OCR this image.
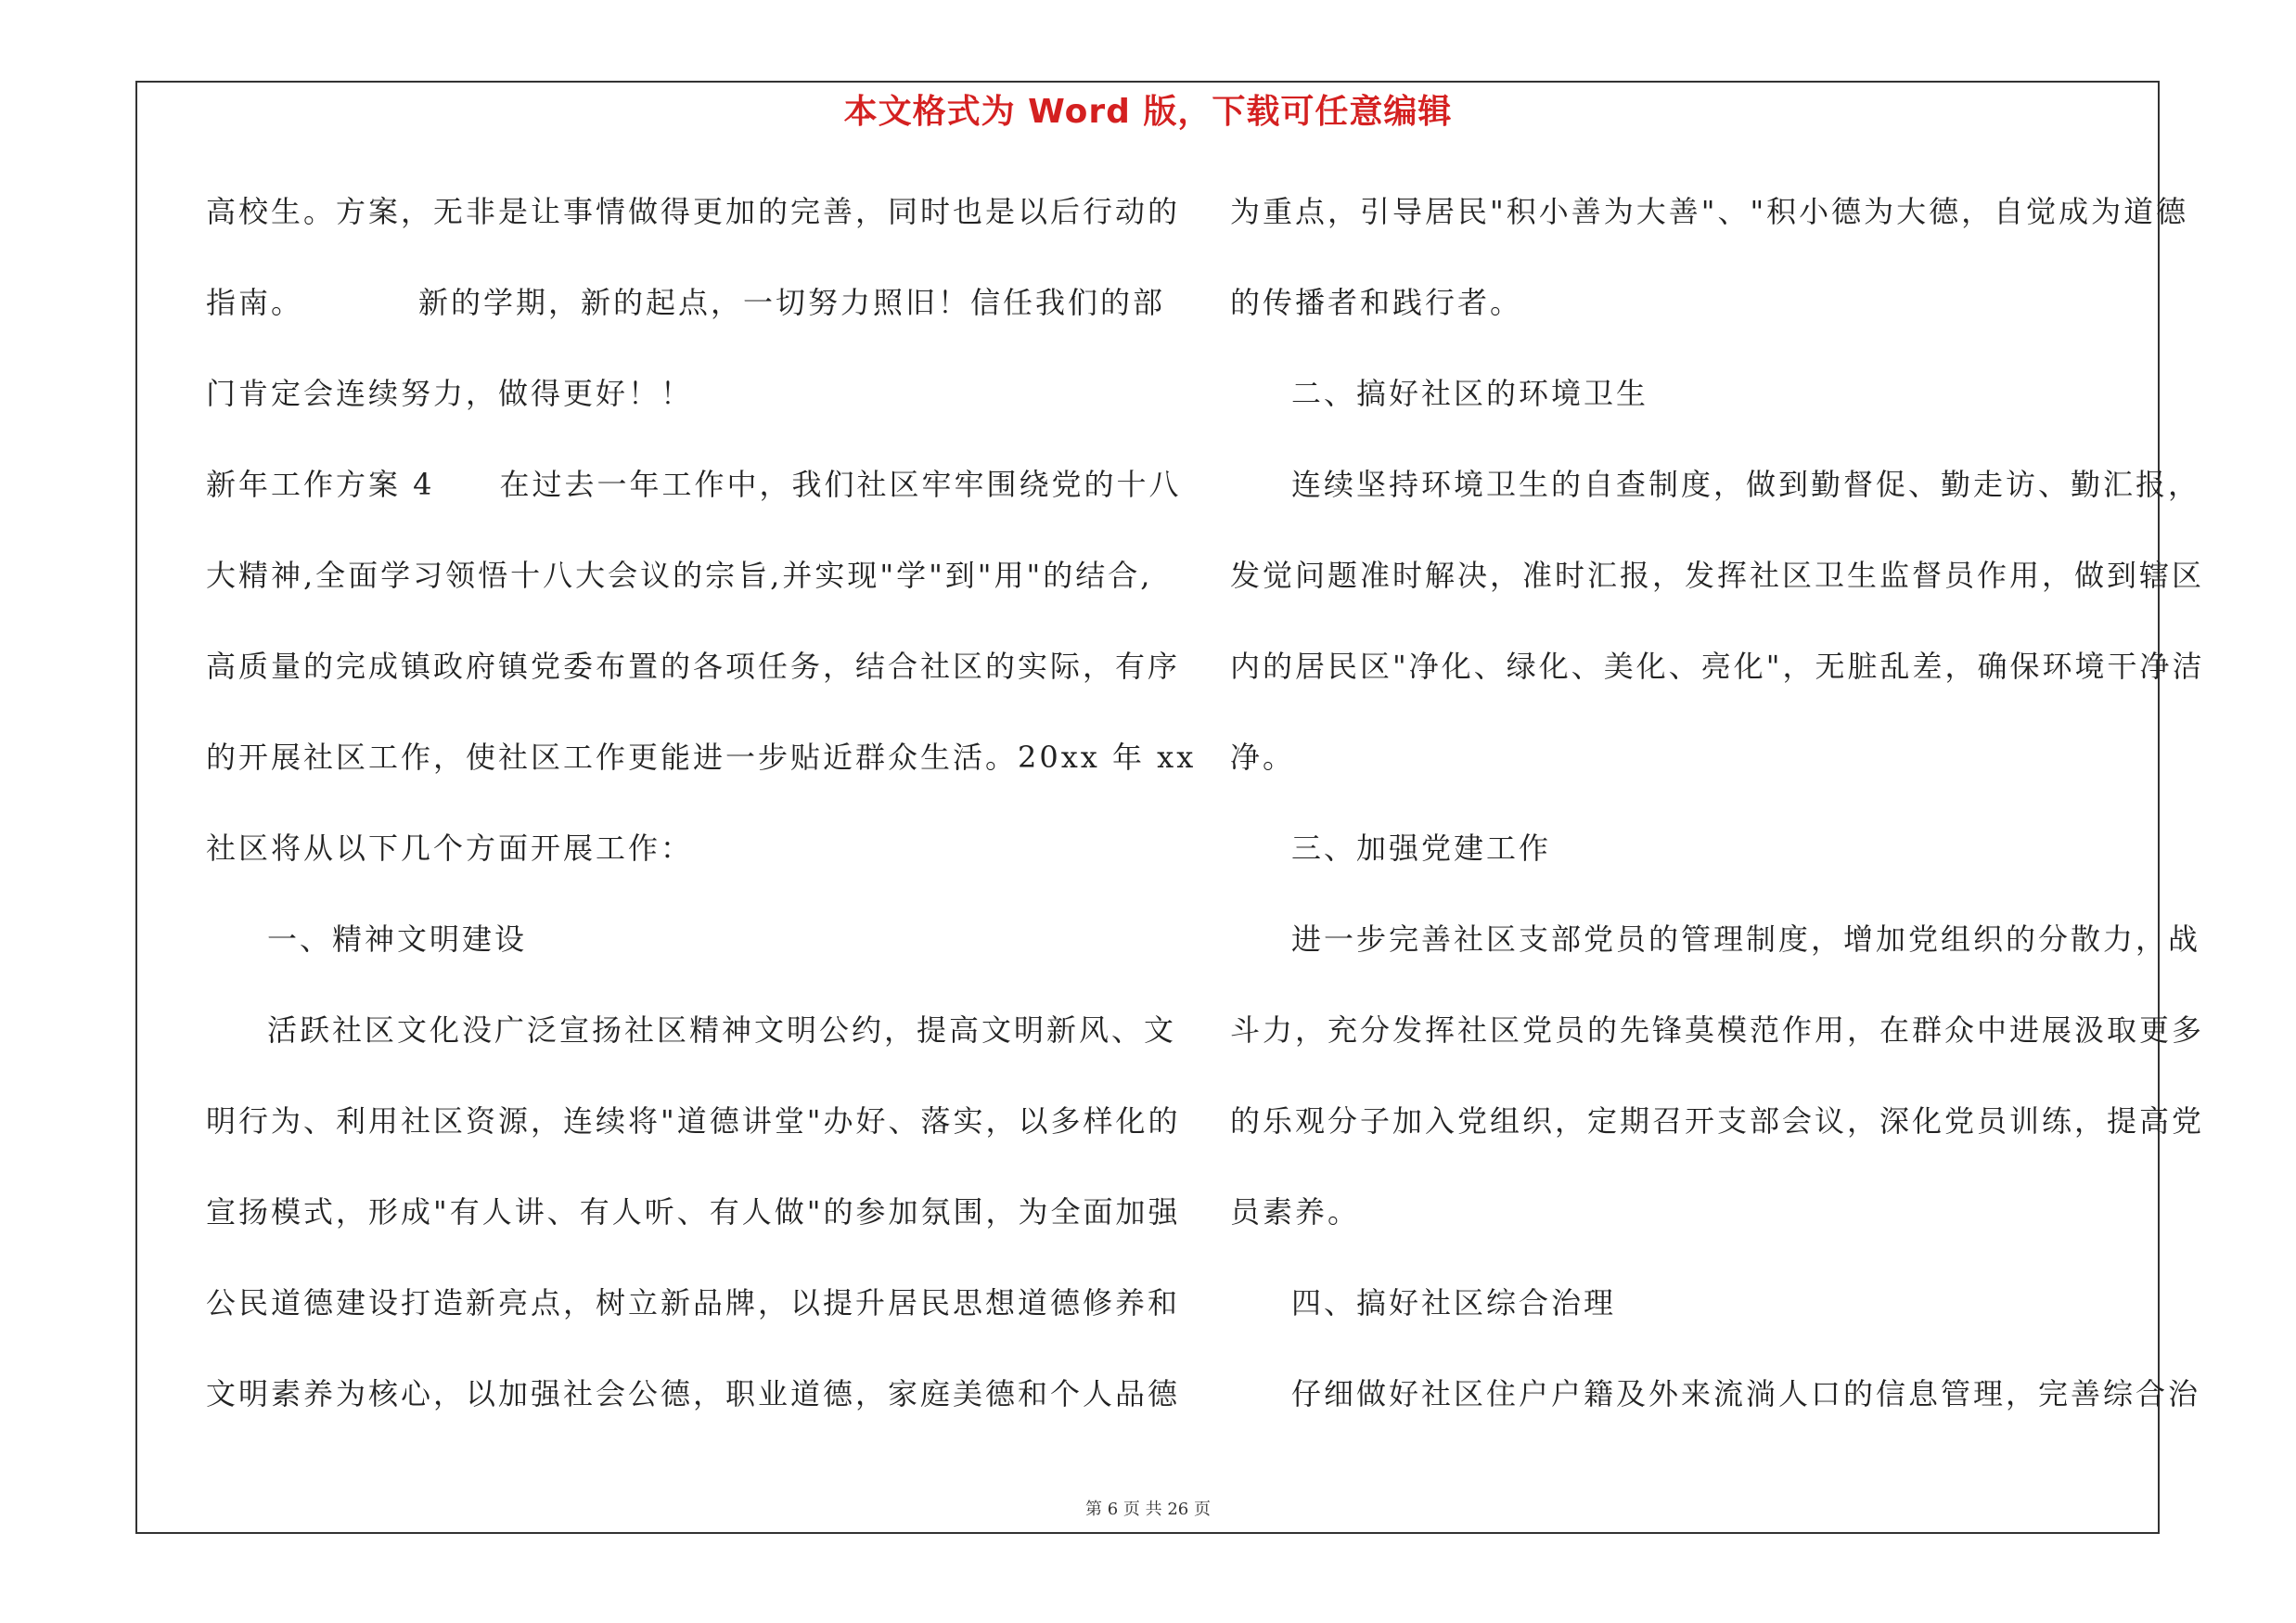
本文格式为 Word 版，下载可任意编辑
高校生。方案，无非是让事情做得更加的完善，同时也是以后行动的
指南。　　　　新的学期，新的起点，一切努力照旧！信任我们的部
门肯定会连续努力，做得更好！！
新年工作方案 4　　在过去一年工作中，我们社区牢牢围绕党的十八
大精神,全面学习领悟十八大会议的宗旨,并实现"学"到"用"的结合,
高质量的完成镇政府镇党委布置的各项任务，结合社区的实际，有序
的开展社区工作，使社区工作更能进一步贴近群众生活。20xx 年 xx
社区将从以下几个方面开展工作：
一、精神文明建设
活跃社区文化没广泛宣扬社区精神文明公约，提高文明新风、文
明行为、利用社区资源，连续将"道德讲堂"办好、落实，以多样化的
宣扬模式，形成"有人讲、有人听、有人做"的参加氛围，为全面加强
公民道德建设打造新亮点，树立新品牌，以提升居民思想道德修养和
文明素养为核心，以加强社会公德，职业道德，家庭美德和个人品德
为重点，引导居民"积小善为大善"、"积小德为大德，自觉成为道德
的传播者和践行者。
二、搞好社区的环境卫生
连续坚持环境卫生的自查制度，做到勤督促、勤走访、勤汇报，
发觉问题准时解决，准时汇报，发挥社区卫生监督员作用，做到辖区
内的居民区"净化、绿化、美化、亮化"，无脏乱差，确保环境干净洁
净。
三、加强党建工作
进一步完善社区支部党员的管理制度，增加党组织的分散力，战
斗力，充分发挥社区党员的先锋莫模范作用，在群众中进展汲取更多
的乐观分子加入党组织，定期召开支部会议，深化党员训练，提高党
员素养。
四、搞好社区综合治理
仔细做好社区住户户籍及外来流淌人口的信息管理，完善综合治
第 6 页 共 26 页
